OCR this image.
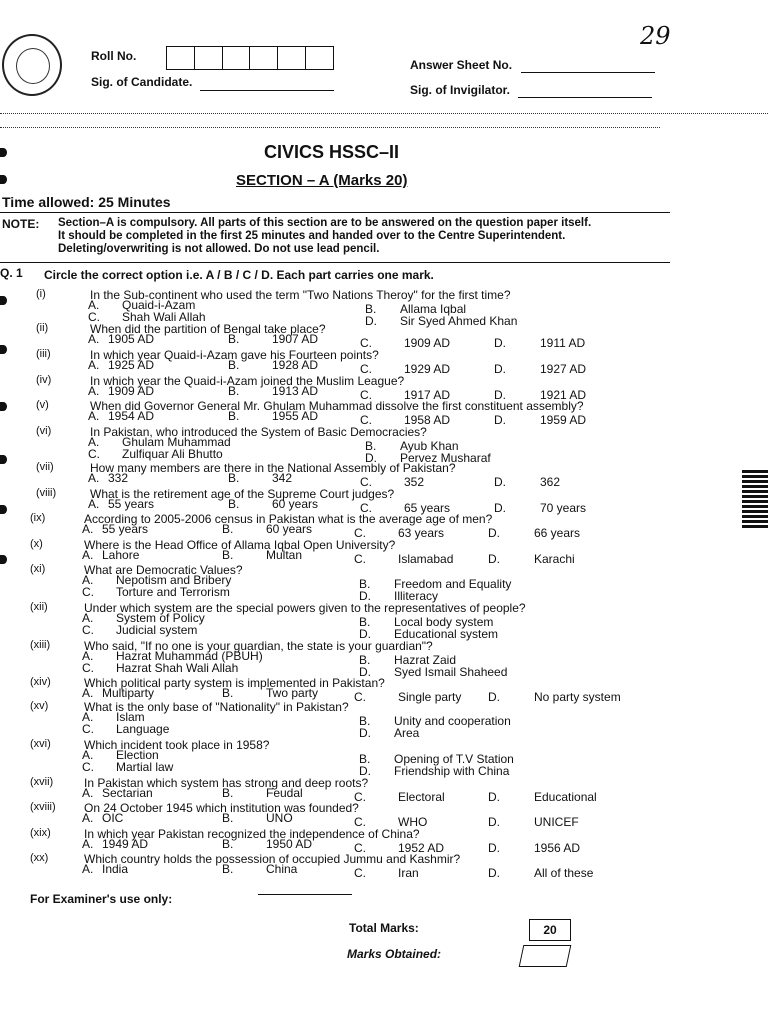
Roll No.
Sig. of Candidate.
Answer Sheet No.
Sig. of Invigilator.
29
CIVICS HSSC–II
SECTION – A (Marks 20)
Time allowed: 25 Minutes
NOTE: Section–A is compulsory. All parts of this section are to be answered on the question paper itself.
It should be completed in the first 25 minutes and handed over to the Centre Superintendent.
Deleting/overwriting is not allowed. Do not use lead pencil.
Q. 1 Circle the correct option i.e. A / B / C / D. Each part carries one mark.
(i)	In the Sub-continent who used the term "Two Nations Theroy" for the first time?
A. Quaid-i-Azam	B. Allama Iqbal
C. Shah Wali Allah	D. Sir Syed Ahmed Khan
(ii)	When did the partition of Bengal take place?
A. 1905 AD	B.	1907 AD	C.	1909 AD	D.	1911 AD
(iii)	In which year Quaid-i-Azam gave his Fourteen points?
A. 1925 AD	B.	1928 AD	C.	1929 AD	D.	1927 AD
(iv)	In which year the Quaid-i-Azam joined the Muslim League?
A. 1909 AD	B.	1913 AD	C.	1917 AD	D.	1921 AD
(v)	When did Governor General Mr. Ghulam Muhammad dissolve the first constituent assembly?
A. 1954 AD	B.	1955 AD	C.	1958 AD	D.	1959 AD
(vi)	In Pakistan, who introduced the System of Basic Democracies?
A. Ghulam Muhammad	B. Ayub Khan
C. Zulfiquar Ali Bhutto	D. Pervez Musharaf
(vii)	How many members are there in the National Assembly of Pakistan?
A. 332	B.	342	C.	352	D.	362
(viii)	What is the retirement age of the Supreme Court judges?
A. 55 years	B.	60 years	C.	65 years	D.	70 years
(ix)	According to 2005-2006 census in Pakistan what is the average age of men?
A. 55 years	B.	60 years	C.	63 years	D.	66 years
(x)	Where is the Head Office of Allama Iqbal Open University?
A. Lahore	B.	Multan	C.	Islamabad	D.	Karachi
(xi)	What are Democratic Values?
A. Nepotism and Bribery	B. Freedom and Equality
C. Torture and Terrorism	D. Illiteracy
(xii)	Under which system are the special powers given to the representatives of people?
A. System of Policy	B. Local body system
C. Judicial system	D. Educational system
(xiii)	Who said, "If no one is your guardian, the state is your guardian"?
A. Hazrat Muhammad (PBUH)	B. Hazrat Zaid
C. Hazrat Shah Wali Allah	D. Syed Ismail Shaheed
(xiv)	Which political party system is implemented in Pakistan?
A. Multiparty	B.	Two party	C.	Single party D.	No party system
(xv)	What is the only base of "Nationality" in Pakistan?
A. Islam	B. Unity and cooperation
C. Language	D. Area
(xvi)	Which incident took place in 1958?
A. Election	B. Opening of T.V Station
C. Martial law	D. Friendship with China
(xvii)	In Pakistan which system has strong and deep roots?
A. Sectarian	B.	Feudal	C.	Electoral	D.	Educational
(xviii) On 24 October 1945 which institution was founded?
A. OIC	B.	UNO	C.	WHO	D.	UNICEF
(xix)	In which year Pakistan recognized the independence of China?
A. 1949 AD	B.	1950 AD	C.	1952 AD	D.	1956 AD
(xx)	Which country holds the possession of occupied Jummu and Kashmir?
A. India	B.	China	C.	Iran	D.	All of these
For Examiner's use only:
Total Marks:	20
Marks Obtained:
